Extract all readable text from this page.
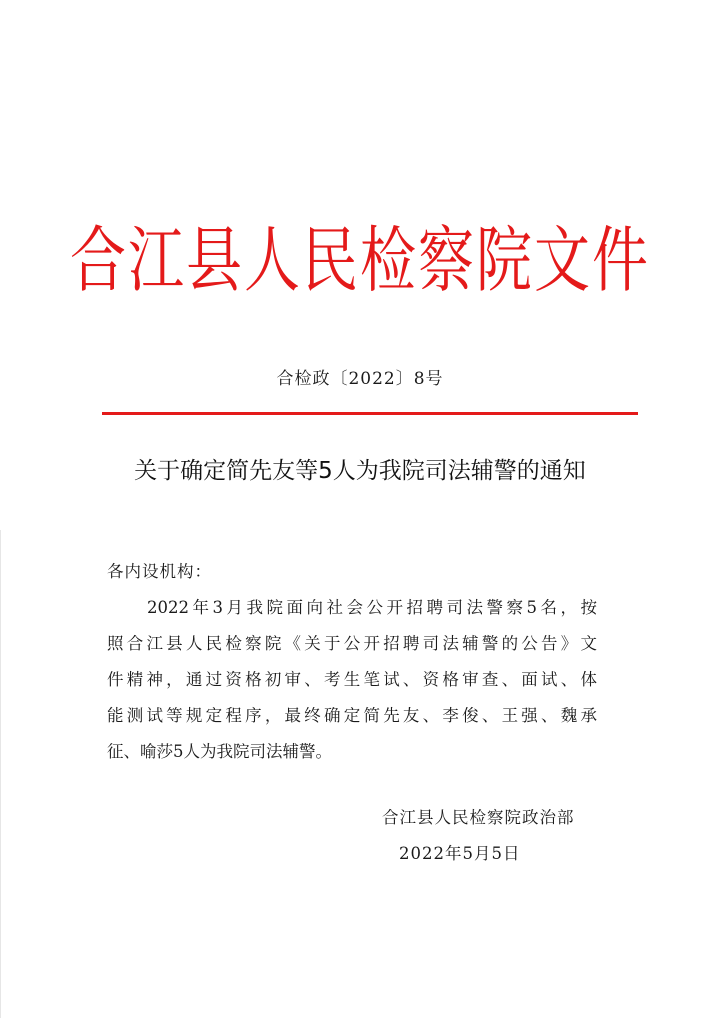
合江县人民检察院文件
合检政〔2022〕8号
关于确定简先友等5人为我院司法辅警的通知
各内设机构：
2022年3月我院面向社会公开招聘司法警察5名，按
照合江县人民检察院《关于公开招聘司法辅警的公告》文
件精神，通过资格初审、考生笔试、资格审查、面试、体
能测试等规定程序，最终确定简先友、李俊、王强、魏承
征、喻莎5人为我院司法辅警。
合江县人民检察院政治部
2022年5月5日
